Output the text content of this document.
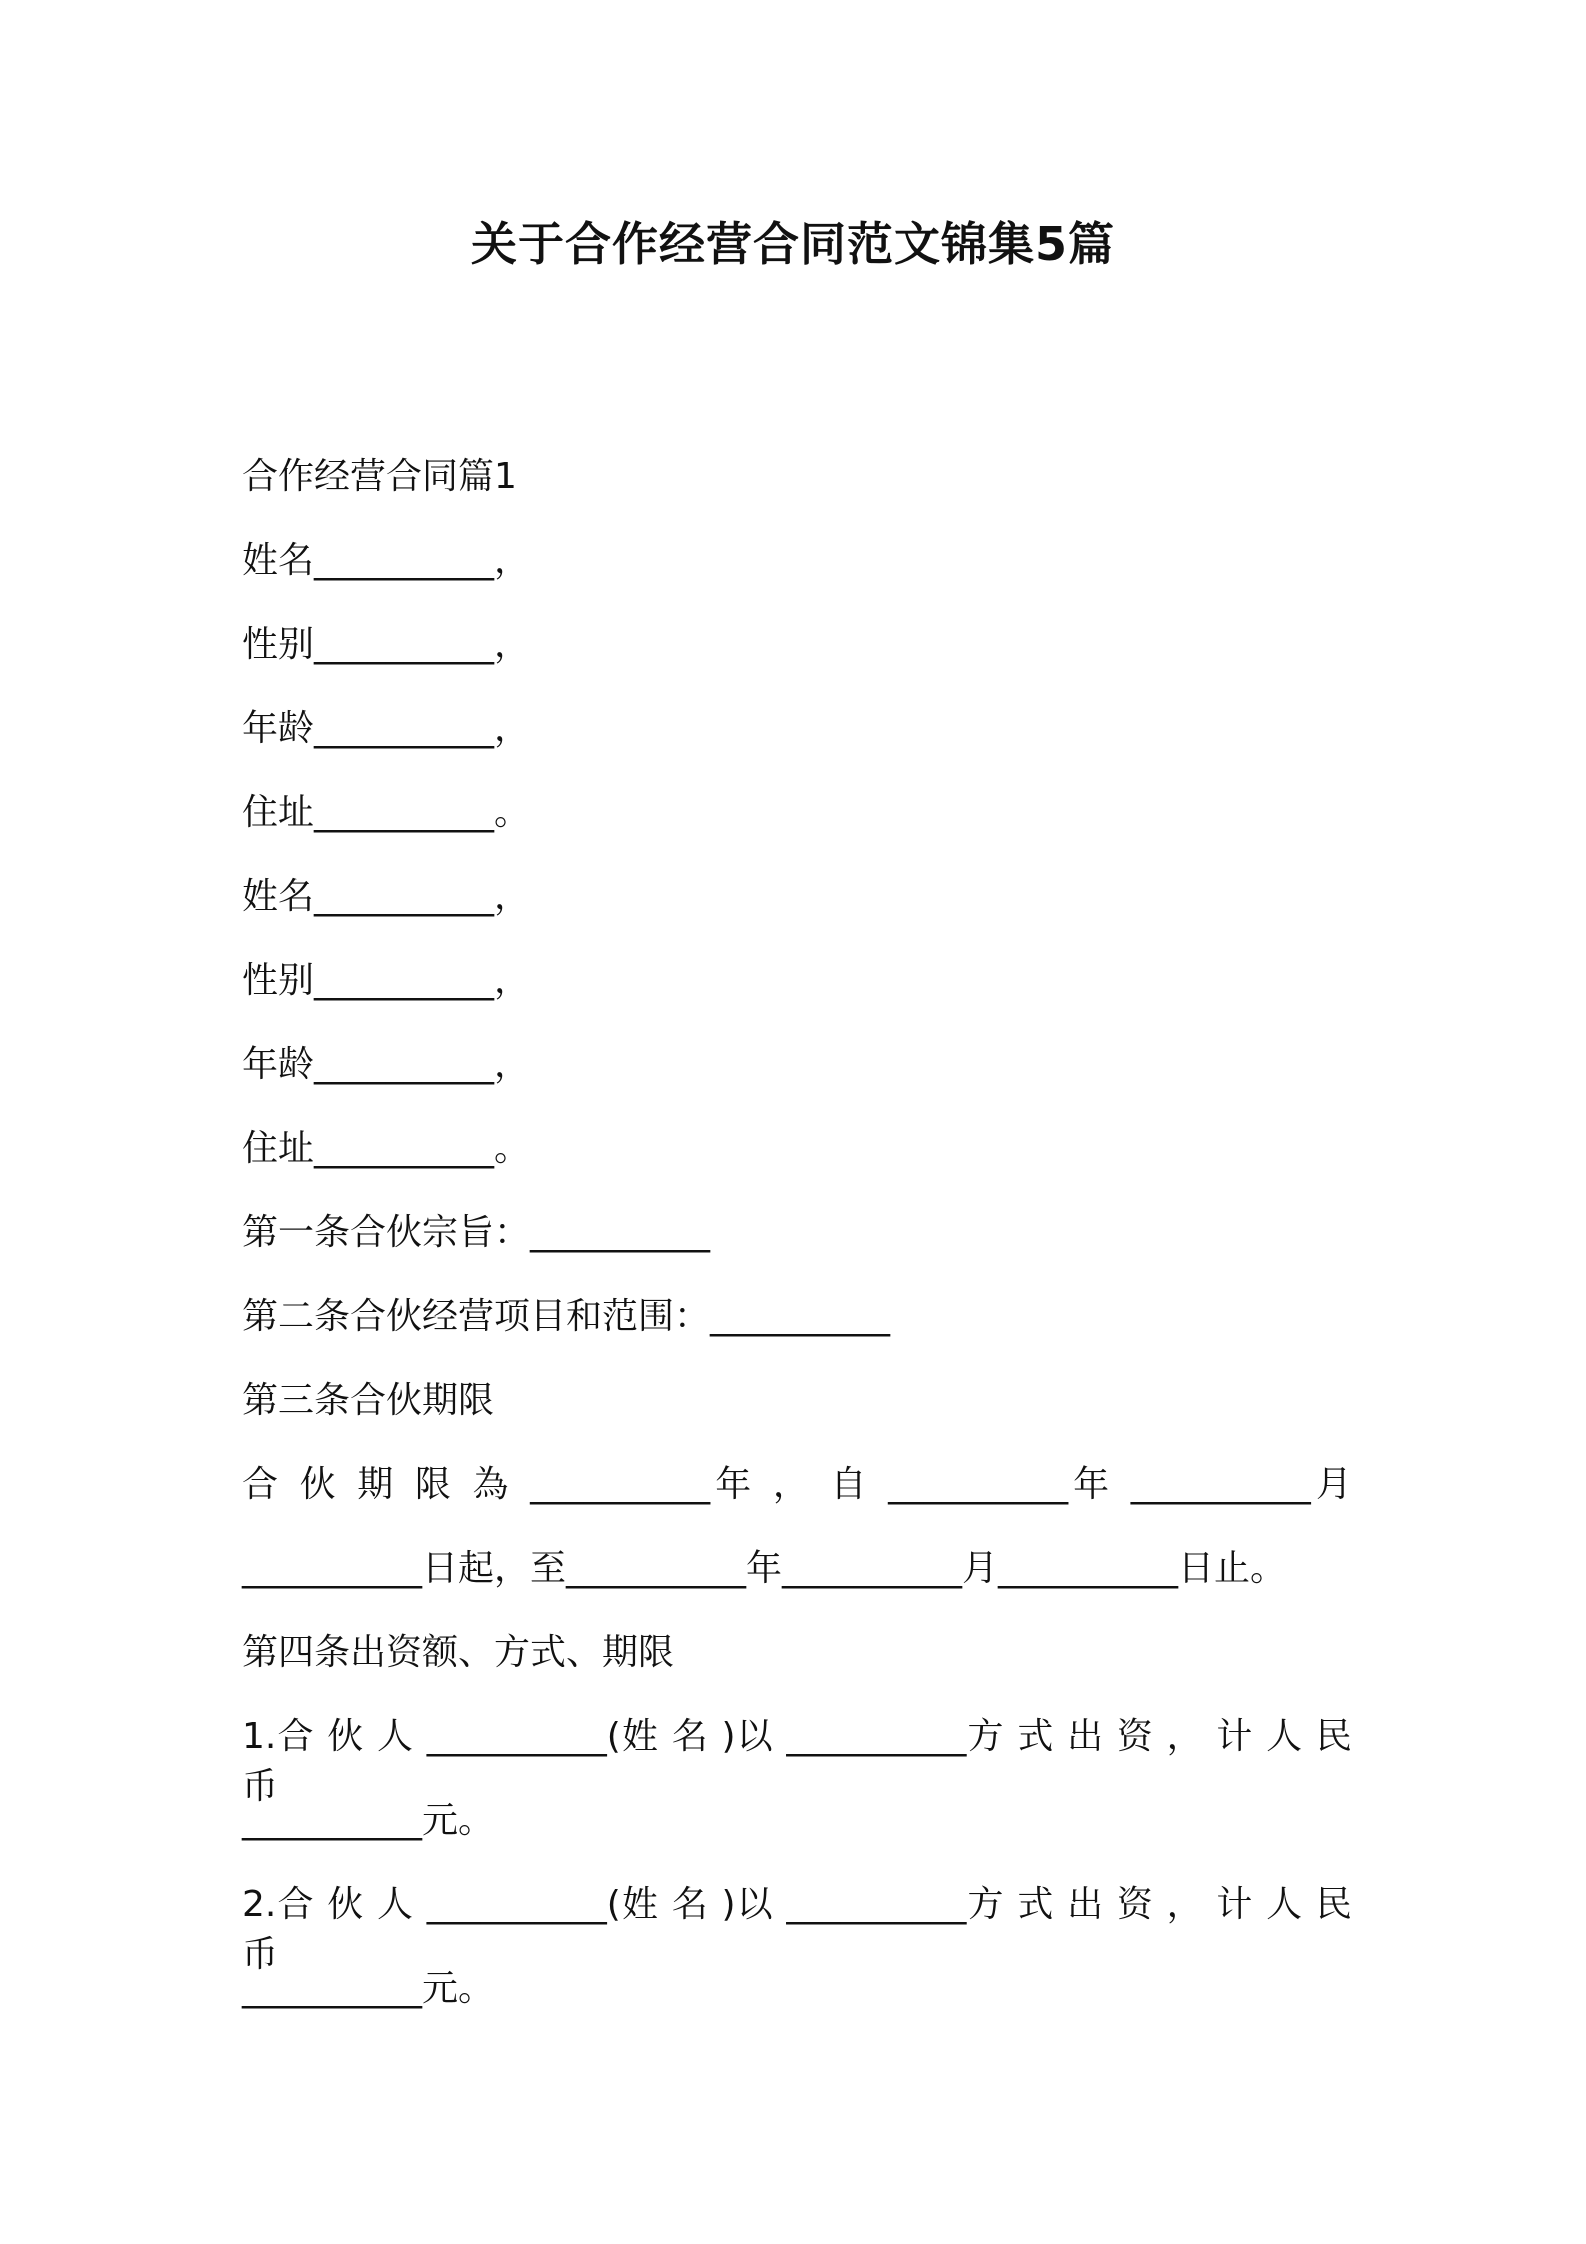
关于合作经营合同范文锦集5篇
合作经营合同篇1
姓名__________，
性别__________，
年龄__________，
住址__________。
姓名__________，
性别__________，
年龄__________，
住址__________。
第一条合伙宗旨：__________
第二条合伙经营项目和范围：__________
第三条合伙期限
合 伙 期 限 為 __________年 ， 自 __________年 __________月
__________日起，至__________年__________月__________日止。
第四条出资额、方式、期限
1.合 伙 人 __________(姓 名 )以 __________方 式 出 资 ， 计 人 民 币
__________元。
2.合 伙 人 __________(姓 名 )以 __________方 式 出 资 ， 计 人 民 币
__________元。
